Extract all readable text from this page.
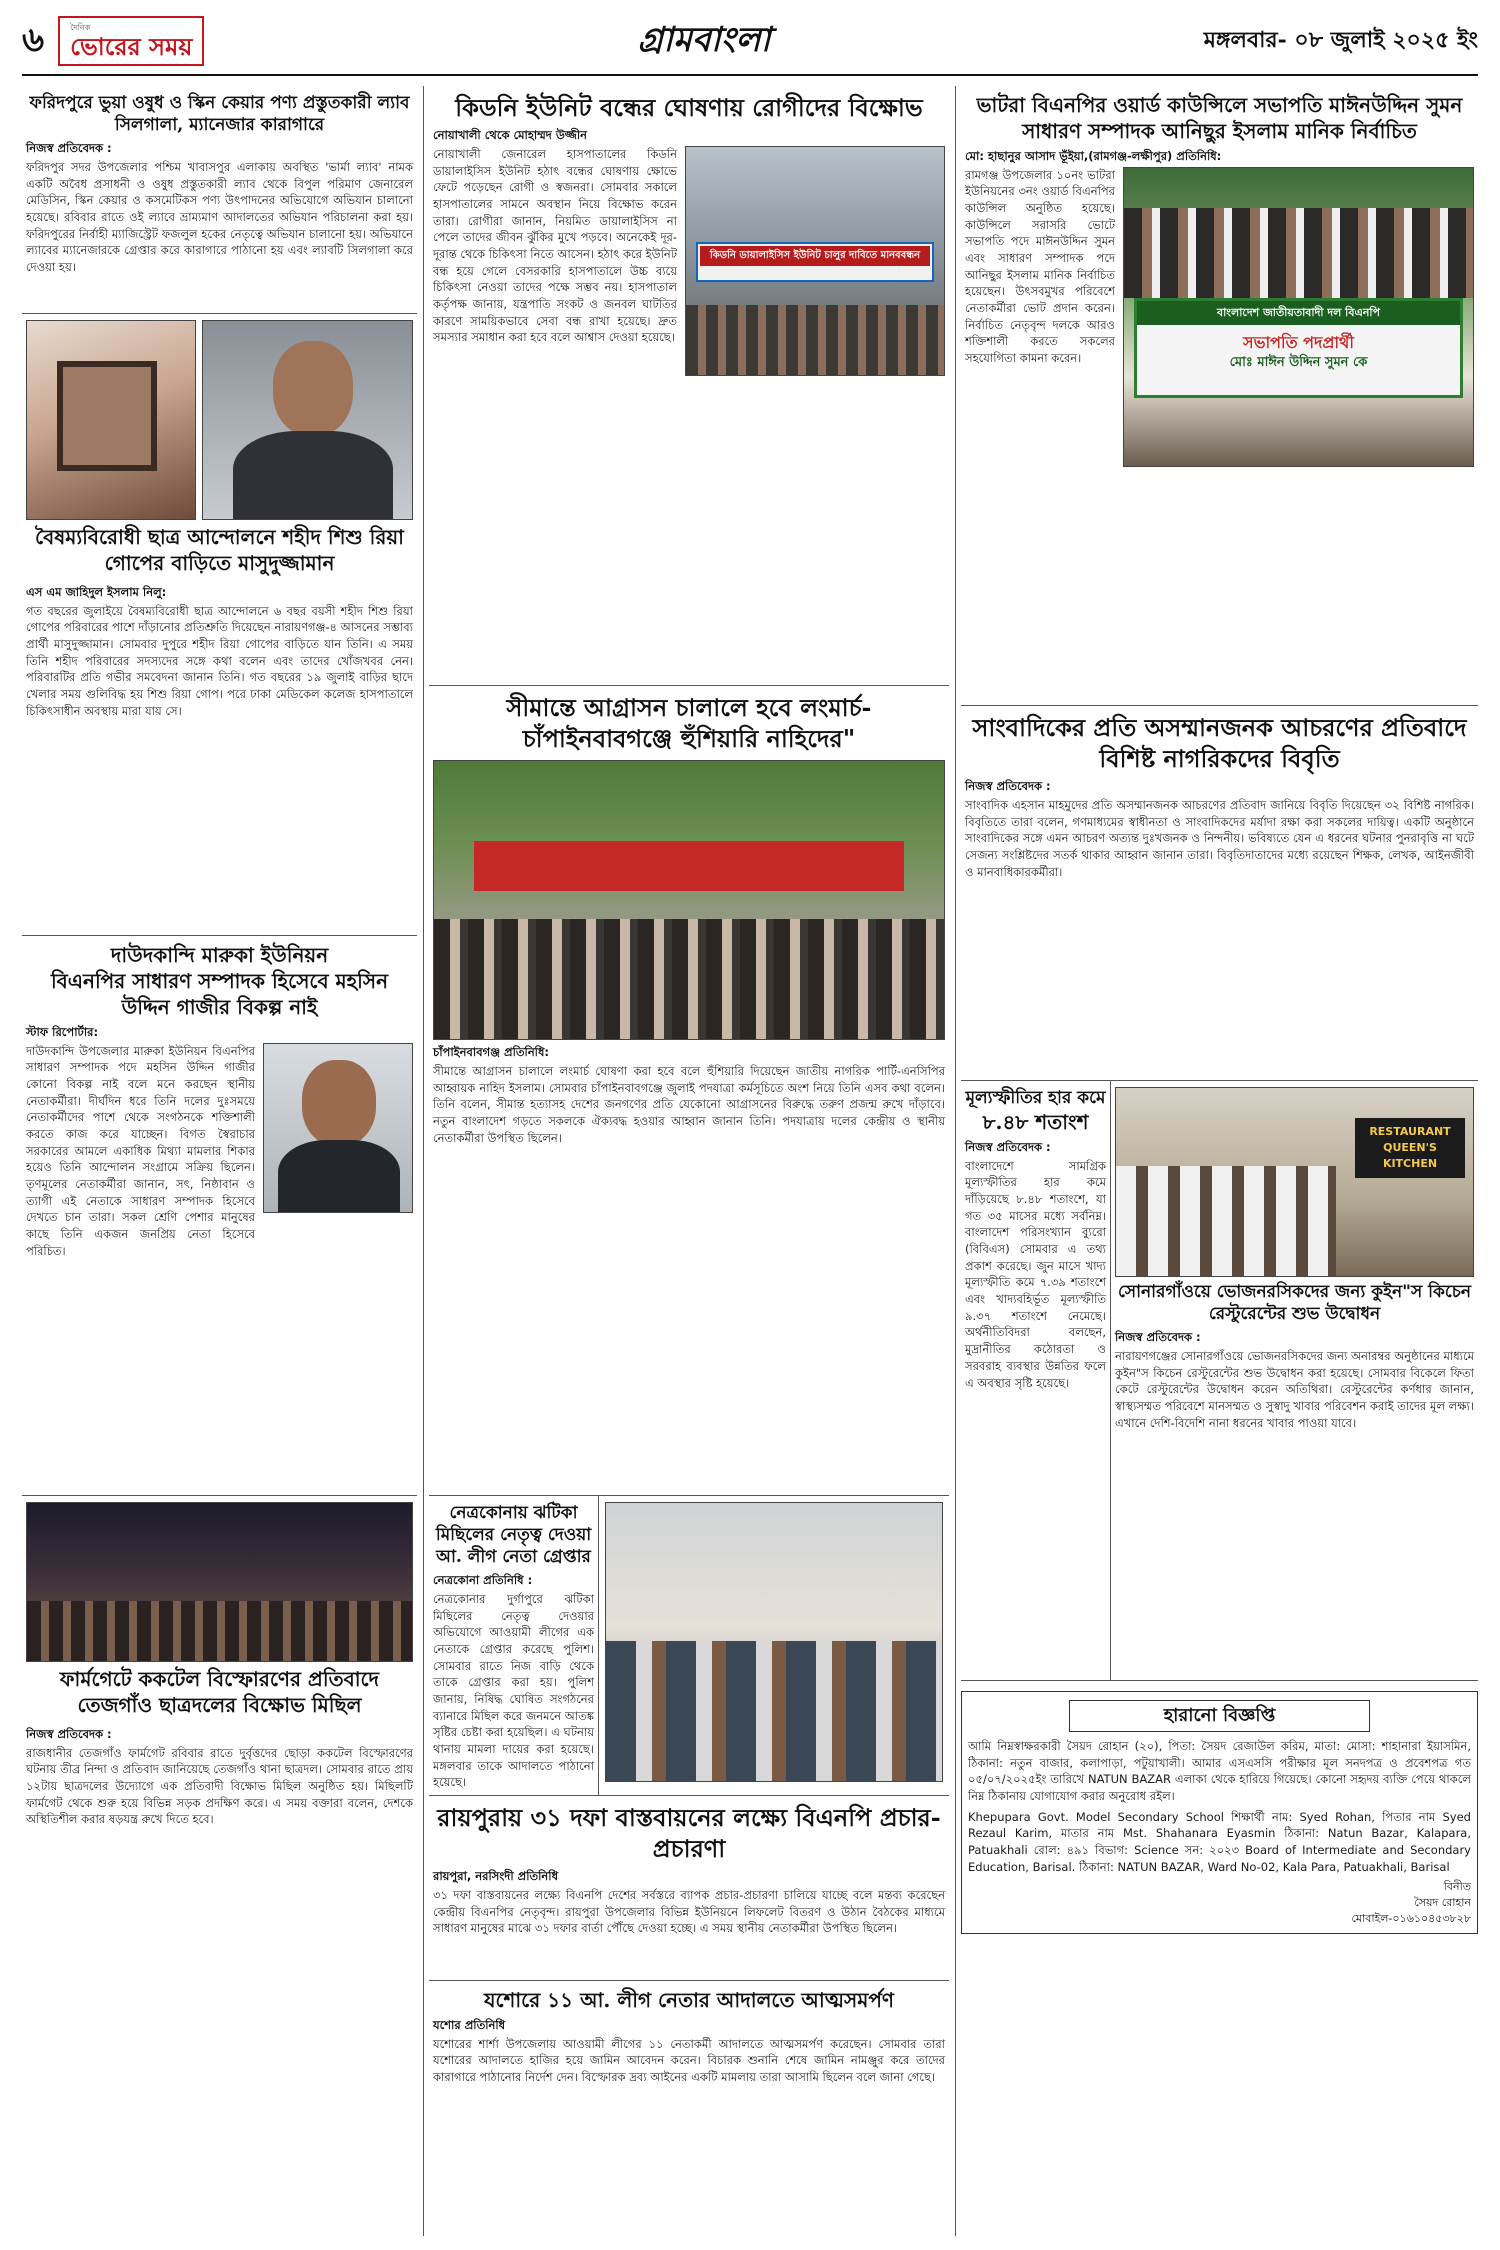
৬	দৈনিক
ভোরের সময়	গ্রামবাংলা	মঙ্গলবার- ০৮ জুলাই ২০২৫ ইং
ফরিদপুরে ভুয়া ওষুধ ও স্কিন কেয়ার পণ্য প্রস্তুতকারী ল্যাব সিলগালা, ম্যানেজার কারাগারে
নিজস্ব প্রতিবেদক :
ফরিদপুর সদর উপজেলার পশ্চিম খাবাসপুর এলাকায় অবস্থিত 'ভার্মা ল্যাব' নামক একটি অবৈধ প্রসাধনী ও ওষুধ প্রস্তুতকারী ল্যাব থেকে বিপুল পরিমাণ জেনারেল মেডিসিন, স্কিন কেয়ার ও কসমেটিকস পণ্য উৎপাদনের অভিযোগে অভিযান চালানো হয়েছে। রবিবার রাতে ওই ল্যাবে ভ্রাম্যমাণ আদালতের অভিযান পরিচালনা করা হয়। ফরিদপুরের নির্বাহী ম্যাজিস্ট্রেট ফজলুল হকের নেতৃত্বে অভিযান চালানো হয়। অভিযানে ল্যাবের ম্যানেজারকে গ্রেপ্তার করে কারাগারে পাঠানো হয় এবং ল্যাবটি সিলগালা করে দেওয়া হয়।
বৈষম্যবিরোধী ছাত্র আন্দোলনে শহীদ শিশু রিয়া গোপের বাড়িতে মাসুদুজ্জামান
এস এম জাহিদুল ইসলাম নিলু:
গত বছরের জুলাইয়ে বৈষম্যবিরোধী ছাত্র আন্দোলনে ৬ বছর বয়সী শহীদ শিশু রিয়া গোপের পরিবারের পাশে দাঁড়ানোর প্রতিশ্রুতি দিয়েছেন নারায়ণগঞ্জ-৪ আসনের সম্ভাব্য প্রার্থী মাসুদুজ্জামান। সোমবার দুপুরে শহীদ রিয়া গোপের বাড়িতে যান তিনি। এ সময় তিনি শহীদ পরিবারের সদস্যদের সঙ্গে কথা বলেন এবং তাদের খোঁজখবর নেন। পরিবারটির প্রতি গভীর সমবেদনা জানান তিনি। গত বছরের ১৯ জুলাই বাড়ির ছাদে খেলার সময় গুলিবিদ্ধ হয় শিশু রিয়া গোপ। পরে ঢাকা মেডিকেল কলেজ হাসপাতালে চিকিৎসাধীন অবস্থায় মারা যায় সে।
দাউদকান্দি মারুকা ইউনিয়ন
বিএনপির সাধারণ সম্পাদক হিসেবে মহসিন উদ্দিন গাজীর বিকল্প নাই
স্টাফ রিপোর্টার:
দাউদকান্দি উপজেলার মারুকা ইউনিয়ন বিএনপির সাধারণ সম্পাদক পদে মহসিন উদ্দিন গাজীর কোনো বিকল্প নাই বলে মনে করছেন স্থানীয় নেতাকর্মীরা। দীর্ঘদিন ধরে তিনি দলের দুঃসময়ে নেতাকর্মীদের পাশে থেকে সংগঠনকে শক্তিশালী করতে কাজ করে যাচ্ছেন। বিগত স্বৈরাচার সরকারের আমলে একাধিক মিথ্যা মামলার শিকার হয়েও তিনি আন্দোলন সংগ্রামে সক্রিয় ছিলেন। তৃণমূলের নেতাকর্মীরা জানান, সৎ, নিষ্ঠাবান ও ত্যাগী এই নেতাকে সাধারণ সম্পাদক হিসেবে দেখতে চান তারা। সকল শ্রেণি পেশার মানুষের কাছে তিনি একজন জনপ্রিয় নেতা হিসেবে পরিচিত।
ফার্মগেটে ককটেল বিস্ফোরণের প্রতিবাদে তেজগাঁও ছাত্রদলের বিক্ষোভ মিছিল
নিজস্ব প্রতিবেদক :
রাজধানীর তেজগাঁও ফার্মগেট রবিবার রাতে দুর্বৃত্তদের ছোড়া ককটেল বিস্ফোরণের ঘটনায় তীব্র নিন্দা ও প্রতিবাদ জানিয়েছে তেজগাঁও থানা ছাত্রদল। সোমবার রাতে প্রায় ১২টায় ছাত্রদলের উদ্যোগে এক প্রতিবাদী বিক্ষোভ মিছিল অনুষ্ঠিত হয়। মিছিলটি ফার্মগেট থেকে শুরু হয়ে বিভিন্ন সড়ক প্রদক্ষিণ করে। এ সময় বক্তারা বলেন, দেশকে অস্থিতিশীল করার ষড়যন্ত্র রুখে দিতে হবে।
কিডনি ইউনিট বন্ধের ঘোষণায় রোগীদের বিক্ষোভ
নোয়াখালী থেকে মোহাম্মদ উজ্জীন
নোয়াখালী জেনারেল হাসপাতালের কিডনি ডায়ালাইসিস ইউনিট হঠাৎ বন্ধের ঘোষণায় ক্ষোভে ফেটে পড়েছেন রোগী ও স্বজনরা। সোমবার সকালে হাসপাতালের সামনে অবস্থান নিয়ে বিক্ষোভ করেন তারা। রোগীরা জানান, নিয়মিত ডায়ালাইসিস না পেলে তাদের জীবন ঝুঁকির মুখে পড়বে। অনেকেই দূর-দূরান্ত থেকে চিকিৎসা নিতে আসেন। হঠাৎ করে ইউনিট বন্ধ হয়ে গেলে বেসরকারি হাসপাতালে উচ্চ ব্যয়ে চিকিৎসা নেওয়া তাদের পক্ষে সম্ভব নয়। হাসপাতাল কর্তৃপক্ষ জানায়, যন্ত্রপাতি সংকট ও জনবল ঘাটতির কারণে সাময়িকভাবে সেবা বন্ধ রাখা হয়েছে। দ্রুত সমস্যার সমাধান করা হবে বলে আশ্বাস দেওয়া হয়েছে।
কিডনি ডায়ালাইসিস ইউনিট চালুর দাবিতে মানববন্ধন
সীমান্তে আগ্রাসন চালালে হবে লংমার্চ- চাঁপাইনবাবগঞ্জে হুঁশিয়ারি নাহিদের"
চাঁপাইনবাবগঞ্জ প্রতিনিধি:
সীমান্তে আগ্রাসন চালালে লংমার্চ ঘোষণা করা হবে বলে হুঁশিয়ারি দিয়েছেন জাতীয় নাগরিক পার্টি-এনসিপির আহ্বায়ক নাহিদ ইসলাম। সোমবার চাঁপাইনবাবগঞ্জে জুলাই পদযাত্রা কর্মসূচিতে অংশ নিয়ে তিনি এসব কথা বলেন। তিনি বলেন, সীমান্ত হত্যাসহ দেশের জনগণের প্রতি যেকোনো আগ্রাসনের বিরুদ্ধে তরুণ প্রজন্ম রুখে দাঁড়াবে। নতুন বাংলাদেশ গড়তে সকলকে ঐক্যবদ্ধ হওয়ার আহ্বান জানান তিনি। পদযাত্রায় দলের কেন্দ্রীয় ও স্থানীয় নেতাকর্মীরা উপস্থিত ছিলেন।
নেত্রকোনায় ঝটিকা মিছিলের নেতৃত্ব দেওয়া আ. লীগ নেতা গ্রেপ্তার
নেত্রকোনা প্রতিনিধি :
নেত্রকোনার দুর্গাপুরে ঝটিকা মিছিলের নেতৃত্ব দেওয়ার অভিযোগে আওয়ামী লীগের এক নেতাকে গ্রেপ্তার করেছে পুলিশ। সোমবার রাতে নিজ বাড়ি থেকে তাকে গ্রেপ্তার করা হয়। পুলিশ জানায়, নিষিদ্ধ ঘোষিত সংগঠনের ব্যানারে মিছিল করে জনমনে আতঙ্ক সৃষ্টির চেষ্টা করা হয়েছিল। এ ঘটনায় থানায় মামলা দায়ের করা হয়েছে। মঙ্গলবার তাকে আদালতে পাঠানো হয়েছে।
রায়পুরায় ৩১ দফা বাস্তবায়নের লক্ষ্যে বিএনপি প্রচার-প্রচারণা
রায়পুরা, নরসিংদী প্রতিনিধি
৩১ দফা বাস্তবায়নের লক্ষ্যে বিএনপি দেশের সর্বস্তরে ব্যাপক প্রচার-প্রচারণা চালিয়ে যাচ্ছে বলে মন্তব্য করেছেন কেন্দ্রীয় বিএনপির নেতৃবৃন্দ। রায়পুরা উপজেলার বিভিন্ন ইউনিয়নে লিফলেট বিতরণ ও উঠান বৈঠকের মাধ্যমে সাধারণ মানুষের মাঝে ৩১ দফার বার্তা পৌঁছে দেওয়া হচ্ছে। এ সময় স্থানীয় নেতাকর্মীরা উপস্থিত ছিলেন।
যশোরে ১১ আ. লীগ নেতার আদালতে আত্মসমর্পণ
যশোর প্রতিনিধি
যশোরের শার্শা উপজেলায় আওয়ামী লীগের ১১ নেতাকর্মী আদালতে আত্মসমর্পণ করেছেন। সোমবার তারা যশোরের আদালতে হাজির হয়ে জামিন আবেদন করেন। বিচারক শুনানি শেষে জামিন নামঞ্জুর করে তাদের কারাগারে পাঠানোর নির্দেশ দেন। বিস্ফোরক দ্রব্য আইনের একটি মামলায় তারা আসামি ছিলেন বলে জানা গেছে।
ভাটরা বিএনপির ওয়ার্ড কাউন্সিলে সভাপতি মাঈনউদ্দিন সুমন সাধারণ সম্পাদক আনিছুর ইসলাম মানিক নির্বাচিত
মো: হাছানুর আসাদ ভূঁইয়া,(রামগঞ্জ-লক্ষীপুর) প্রতিনিধি:
রামগঞ্জ উপজেলার ১০নং ভাটরা ইউনিয়নের ৩নং ওয়ার্ড বিএনপির কাউন্সিল অনুষ্ঠিত হয়েছে। কাউন্সিলে সরাসরি ভোটে সভাপতি পদে মাঈনউদ্দিন সুমন এবং সাধারণ সম্পাদক পদে আনিছুর ইসলাম মানিক নির্বাচিত হয়েছেন। উৎসবমুখর পরিবেশে নেতাকর্মীরা ভোট প্রদান করেন। নির্বাচিত নেতৃবৃন্দ দলকে আরও শক্তিশালী করতে সকলের সহযোগিতা কামনা করেন।
বাংলাদেশ জাতীয়তাবাদী দল বিএনপি
সভাপতি পদপ্রার্থী
মোঃ মাঈন উদ্দিন সুমন কে
সাংবাদিকের প্রতি অসম্মানজনক আচরণের প্রতিবাদে বিশিষ্ট নাগরিকদের বিবৃতি
নিজস্ব প্রতিবেদক :
সাংবাদিক এহসান মাহমুদের প্রতি অসম্মানজনক আচরণের প্রতিবাদ জানিয়ে বিবৃতি দিয়েছেন ৩২ বিশিষ্ট নাগরিক। বিবৃতিতে তারা বলেন, গণমাধ্যমের স্বাধীনতা ও সাংবাদিকদের মর্যাদা রক্ষা করা সকলের দায়িত্ব। একটি অনুষ্ঠানে সাংবাদিকের সঙ্গে এমন আচরণ অত্যন্ত দুঃখজনক ও নিন্দনীয়। ভবিষ্যতে যেন এ ধরনের ঘটনার পুনরাবৃত্তি না ঘটে সেজন্য সংশ্লিষ্টদের সতর্ক থাকার আহ্বান জানান তারা। বিবৃতিদাতাদের মধ্যে রয়েছেন শিক্ষক, লেখক, আইনজীবী ও মানবাধিকারকর্মীরা।
মূল্যস্ফীতির হার কমে
৮.৪৮ শতাংশ
নিজস্ব প্রতিবেদক :
বাংলাদেশে সামগ্রিক মূল্যস্ফীতির হার কমে দাঁড়িয়েছে ৮.৪৮ শতাংশে, যা গত ৩৫ মাসের মধ্যে সর্বনিম্ন। বাংলাদেশ পরিসংখ্যান ব্যুরো (বিবিএস) সোমবার এ তথ্য প্রকাশ করেছে। জুন মাসে খাদ্য মূল্যস্ফীতি কমে ৭.৩৯ শতাংশে এবং খাদ্যবহির্ভূত মূল্যস্ফীতি ৯.৩৭ শতাংশে নেমেছে। অর্থনীতিবিদরা বলছেন, মুদ্রানীতির কঠোরতা ও সরবরাহ ব্যবস্থার উন্নতির ফলে এ অবস্থার সৃষ্টি হয়েছে।
RESTAURANT QUEEN'S KITCHEN
সোনারগাঁওয়ে ভোজনরসিকদের জন্য কুইন"স কিচেন রেস্টুরেন্টের শুভ উদ্বোধন
নিজস্ব প্রতিবেদক :
নারায়ণগঞ্জের সোনারগাঁওয়ে ভোজনরসিকদের জন্য অনারম্বর অনুষ্ঠানের মাধ্যমে কুইন"স কিচেন রেস্টুরেন্টের শুভ উদ্বোধন করা হয়েছে। সোমবার বিকেলে ফিতা কেটে রেস্টুরেন্টের উদ্বোধন করেন অতিথিরা। রেস্টুরেন্টের কর্ণধার জানান, স্বাস্থ্যসম্মত পরিবেশে মানসম্মত ও সুস্বাদু খাবার পরিবেশন করাই তাদের মূল লক্ষ্য। এখানে দেশি-বিদেশি নানা ধরনের খাবার পাওয়া যাবে।
হারানো বিজ্ঞপ্তি
আমি নিম্নস্বাক্ষরকারী সৈয়দ রোহান (২০), পিতা: সৈয়দ রেজাউল করিম, মাতা: মোসা: শাহানারা ইয়াসমিন, ঠিকানা: নতুন বাজার, কলাপাড়া, পটুয়াখালী। আমার এসএসসি পরীক্ষার মূল সনদপত্র ও প্রবেশপত্র গত ০৫/০৭/২০২৫ইং তারিখে NATUN BAZAR এলাকা থেকে হারিয়ে গিয়েছে। কোনো সহৃদয় ব্যক্তি পেয়ে থাকলে নিম্ন ঠিকানায় যোগাযোগ করার অনুরোধ রইল।
Khepupara Govt. Model Secondary School শিক্ষার্থী নাম: Syed Rohan, পিতার নাম Syed Rezaul Karim, মাতার নাম Mst. Shahanara Eyasmin ঠিকানা: Natun Bazar, Kalapara, Patuakhali রোল: ৪৯১ বিভাগ: Science সন: ২০২৩ Board of Intermediate and Secondary Education, Barisal. ঠিকানা: NATUN BAZAR, Ward No-02, Kala Para, Patuakhali, Barisal
বিনীত
সৈয়দ রোহান
মোবাইল-০১৬১০৪৫৩৮২৮
